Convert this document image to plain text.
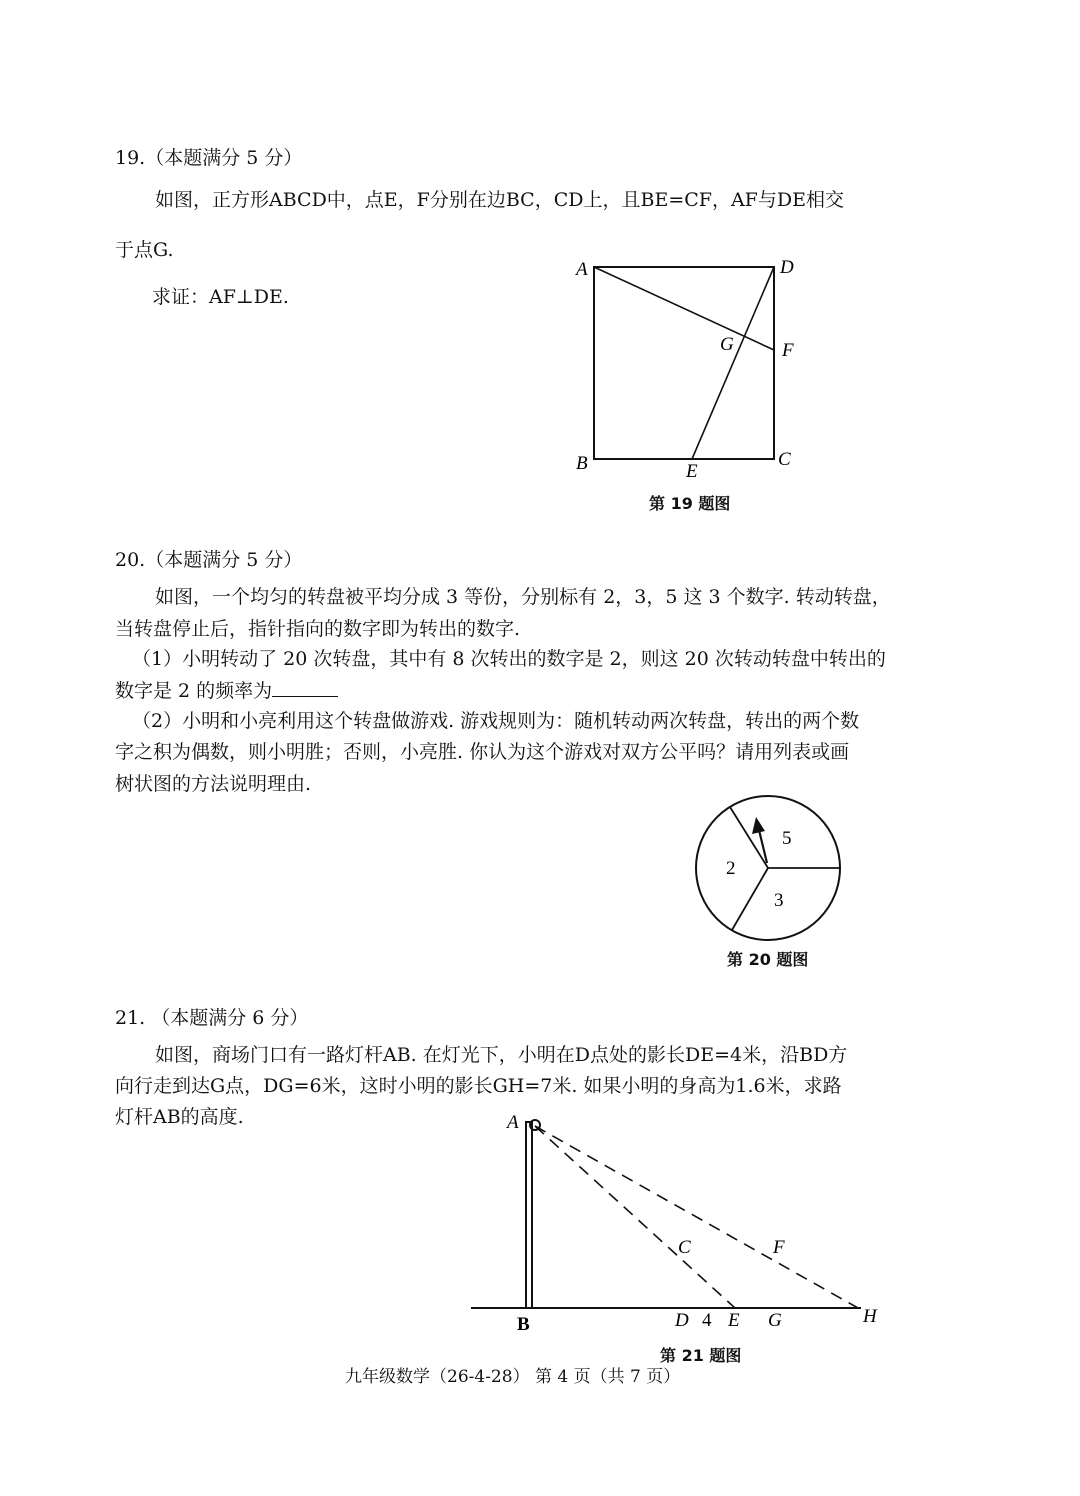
19.（本题满分 5 分）
如图，正方形ABCD中，点E，F分别在边BC，CD上，且BE=CF，AF与DE相交
于点G.
求证：AF⊥DE.
A	D
F
G
B	E
C
第 19 题图
20.（本题满分 5 分）
如图，一个均匀的转盘被平均分成 3 等份，分别标有 2，3，5 这 3 个数字. 转动转盘，
当转盘停止后，指针指向的数字即为转出的数字.
（1）小明转动了 20 次转盘，其中有 8 次转出的数字是 2，则这 20 次转动转盘中转出的
数字是 2 的频率为
（2）小明和小亮利用这个转盘做游戏. 游戏规则为：随机转动两次转盘，转出的两个数
字之积为偶数，则小明胜；否则，小亮胜. 你认为这个游戏对双方公平吗？请用列表或画
树状图的方法说明理由.
5
2
3
第 20 题图
21. （本题满分 6 分）
如图，商场门口有一路灯杆AB. 在灯光下，小明在D点处的影长DE=4米，沿BD方
向行走到达G点，DG=6米，这时小明的影长GH=7米. 如果小明的身高为1.6米，求路
灯杆AB的高度.	A
B
C	F
D 4 E G	H
第 21 题图
九年级数学（26-4-28） 第 4 页（共 7 页）
